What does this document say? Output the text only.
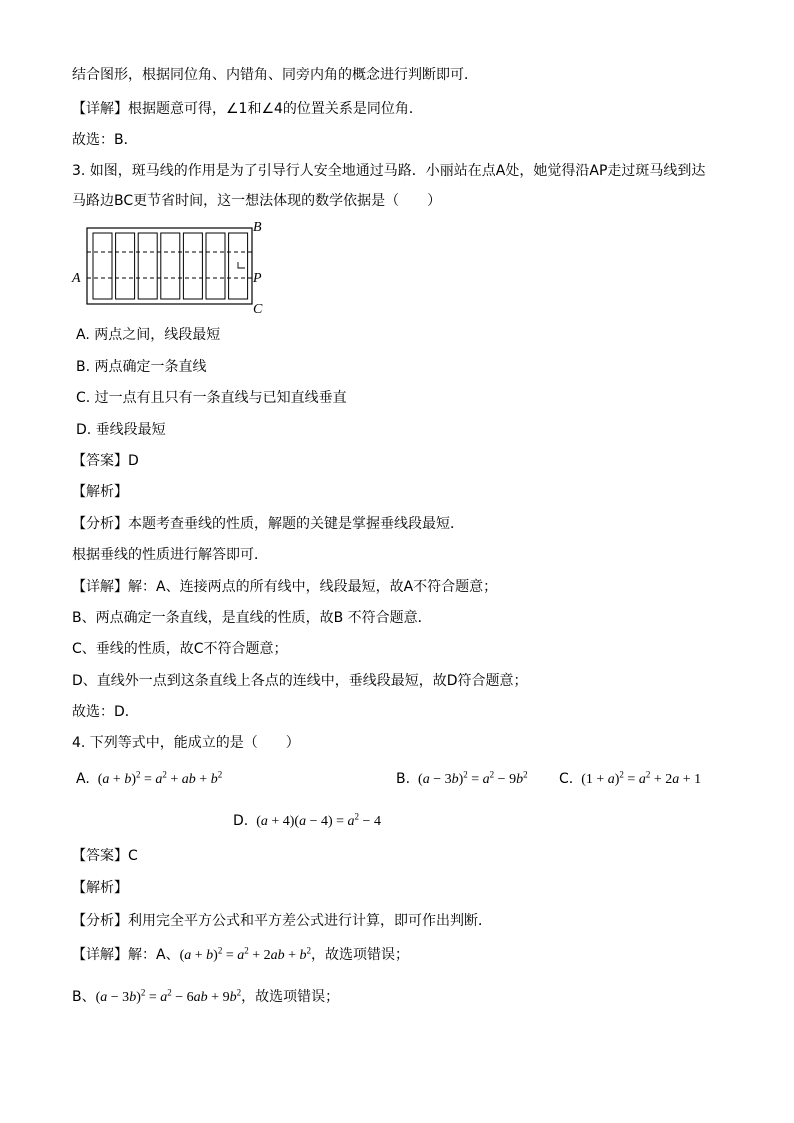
结合图形，根据同位角、内错角、同旁内角的概念进行判断即可．
【详解】根据题意可得，∠1和∠4的位置关系是同位角．
故选：B．
3. 如图，斑马线的作用是为了引导行人安全地通过马路．小丽站在点A处，她觉得沿AP走过斑马线到达
马路边BC更节省时间，这一想法体现的数学依据是（　　）
B
A	P
C
A. 两点之间，线段最短
B. 两点确定一条直线
C. 过一点有且只有一条直线与已知直线垂直
D. 垂线段最短
【答案】D
【解析】
【分析】本题考查垂线的性质，解题的关键是掌握垂线段最短．
根据垂线的性质进行解答即可．
【详解】解：A、连接两点的所有线中，线段最短，故A不符合题意；
B、两点确定一条直线，是直线的性质，故B 不符合题意．
C、垂线的性质，故C不符合题意；
D、直线外一点到这条直线上各点的连线中，垂线段最短，故D符合题意；
故选：D．
4. 下列等式中，能成立的是（　　）
A.  $(a + b)^2 = a^2$ + ab + $b^2$	B.  $(a - 3b)^2 = a^2 - 9b^2$ C.  $(1 + a)^2 = a^2 + 2a + 1$
D.  $(a + 4)(a - 4) = a^2 - 4$
【答案】C
【解析】
【分析】利用完全平方公式和平方差公式进行计算，即可作出判断．
【详解】解：A、$(a + b)^2 = a^2 + 2ab + b^2$，故选项错误；
B、$(a - 3b)^2 = a^2 - 6ab + 9b^2$，故选项错误；
